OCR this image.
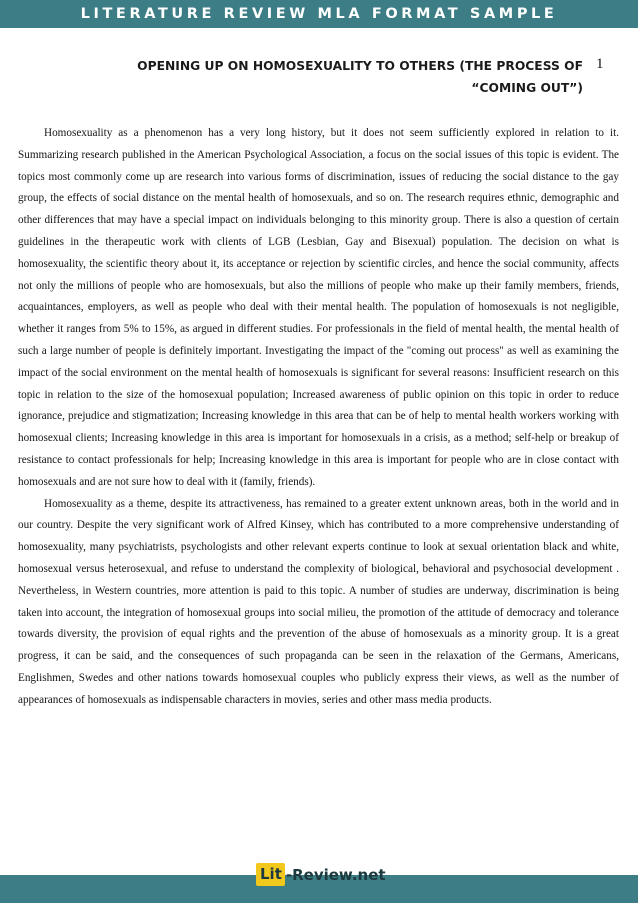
LITERATURE REVIEW MLA FORMAT SAMPLE
1
OPENING UP ON HOMOSEXUALITY TO OTHERS (THE PROCESS OF “COMING OUT”)

Homosexuality as a phenomenon has a very long history, but it does not seem sufficiently explored in relation to it. Summarizing research published in the American Psychological Association, a focus on the social issues of this topic is evident. The topics most commonly come up are research into various forms of discrimination, issues of reducing the social distance to the gay group, the effects of social distance on the mental health of homosexuals, and so on. The research requires ethnic, demographic and other differences that may have a special impact on individuals belonging to this minority group. There is also a question of certain guidelines in the therapeutic work with clients of LGB (Lesbian, Gay and Bisexual) population. The decision on what is homosexuality, the scientific theory about it, its acceptance or rejection by scientific circles, and hence the social community, affects not only the millions of people who are homosexuals, but also the millions of people who make up their family members, friends, acquaintances, employers, as well as people who deal with their mental health. The population of homosexuals is not negligible, whether it ranges from 5% to 15%, as argued in different studies. For professionals in the field of mental health, the mental health of such a large number of people is definitely important. Investigating the impact of the "coming out process" as well as examining the impact of the social environment on the mental health of homosexuals is significant for several reasons: Insufficient research on this topic in relation to the size of the homosexual population; Increased awareness of public opinion on this topic in order to reduce ignorance, prejudice and stigmatization; Increasing knowledge in this area that can be of help to mental health workers working with homosexual clients; Increasing knowledge in this area is important for homosexuals in a crisis, as a method; self-help or breakup of resistance to contact professionals for help; Increasing knowledge in this area is important for people who are in close contact with homosexuals and are not sure how to deal with it (family, friends).

Homosexuality as a theme, despite its attractiveness, has remained to a greater extent unknown areas, both in the world and in our country. Despite the very significant work of Alfred Kinsey, which has contributed to a more comprehensive understanding of homosexuality, many psychiatrists, psychologists and other relevant experts continue to look at sexual orientation black and white, homosexual versus heterosexual, and refuse to understand the complexity of biological, behavioral and psychosocial development . Nevertheless, in Western countries, more attention is paid to this topic. A number of studies are underway, discrimination is being taken into account, the integration of homosexual groups into social milieu, the promotion of the attitude of democracy and tolerance towards diversity, the provision of equal rights and the prevention of the abuse of homosexuals as a minority group. It is a great progress, it can be said, and the consequences of such propaganda can be seen in the relaxation of the Germans, Americans, Englishmen, Swedes and other nations towards homosexual couples who publicly express their views, as well as the number of appearances of homosexuals as indispensable characters in movies, series and other mass media products.

Lit -Review.net
